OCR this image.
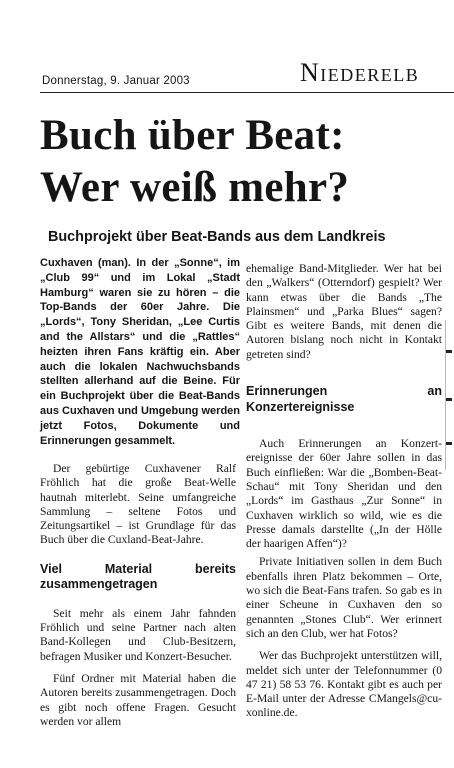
Donnerstag, 9. Januar 2003	Niederelb
Buch über Beat:
Wer weiß mehr?
Buchprojekt über Beat-Bands aus dem Landkreis
Cuxhaven (man). In der „Sonne“, im „Club 99“ und im Lokal „Stadt Hamburg“ waren sie zu hören – die Top-Bands der 60er Jahre. Die „Lords“, Tony Sheridan, „Lee Curtis and the Allstars“ und die „Rattles“ heizten ihren Fans kräftig ein. Aber auch die lokalen Nachwuchsbands stellten allerhand auf die Beine. Für ein Buchprojekt über die Beat-Bands aus Cuxhaven und Umgebung werden jetzt Fotos, Dokumente und Erinnerungen gesammelt.

Der gebürtige Cuxhavener Ralf Fröhlich hat die große Beat-Welle hautnah miterlebt. Seine umfangreiche Sammlung – seltene Fotos und Zeitungsartikel – ist Grundlage für das Buch über die Cuxland-Beat-Jahre.

Viel Material bereits zusammengetragen

Seit mehr als einem Jahr fahnden Fröhlich und seine Partner nach alten Band-Kollegen und Club-Besitzern, befragen Musiker und Konzert-Besucher.

Fünf Ordner mit Material haben die Autoren bereits zusammengetragen. Doch es gibt noch offene Fragen. Gesucht werden vor allem

ehemalige Band-Mitglieder. Wer hat bei den „Walkers“ (Otterndorf) gespielt? Wer kann etwas über die Bands „The Plainsmen“ und „Parka Blues“ sagen? Gibt es weitere Bands, mit denen die Autoren bislang noch nicht in Kontakt getreten sind?

Erinnerungen an Konzertereignisse

Auch Erinnerungen an Konzertereignisse der 60er Jahre sollen in das Buch einfließen: War die „Bomben-Beat-Schau“ mit Tony Sheridan und den „Lords“ im Gasthaus „Zur Sonne“ in Cuxhaven wirklich so wild, wie es die Presse damals darstellte („In der Hölle der haarigen Affen“)?

Private Initiativen sollen in dem Buch ebenfalls ihren Platz bekommen – Orte, wo sich die Beat-Fans trafen. So gab es in einer Scheune in Cuxhaven den so genannten „Stones Club“. Wer erinnert sich an den Club, wer hat Fotos?

Wer das Buchprojekt unterstützen will, meldet sich unter der Telefonnummer (0 47 21) 58 53 76. Kontakt gibt es auch per E-Mail unter der Adresse CMangels@cuxonline.de.
